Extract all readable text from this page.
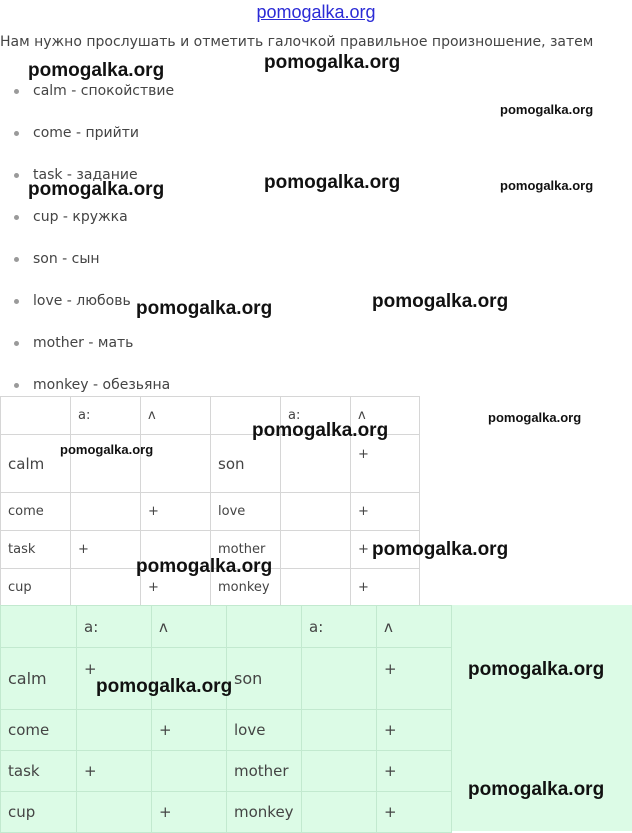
pomogalka.org
Нам нужно прослушать и отметить галочкой правильное произношение, затем
calm - спокойствие
come - прийти
task - задание
cup - кружка
son - сын
love - любовь
mother - мать
monkey - обезьяна
	a:	ʌ		a:	ʌ
calm			son		+
come		+	love		+
task	+		mother		+
cup		+	monkey		+
	a:	ʌ		a:	ʌ
calm	+		son		+
come		+	love		+
task	+		mother		+
cup		+	monkey		+
pomogalka.org	pomogalka.org
pomogalka.org
pomogalka.org	pomogalka.org	pomogalka.org
pomogalka.org	pomogalka.org
pomogalka.org
pomogalka.org
pomogalka.org
pomogalka.org
pomogalka.org
pomogalka.org
pomogalka.org
pomogalka.org
